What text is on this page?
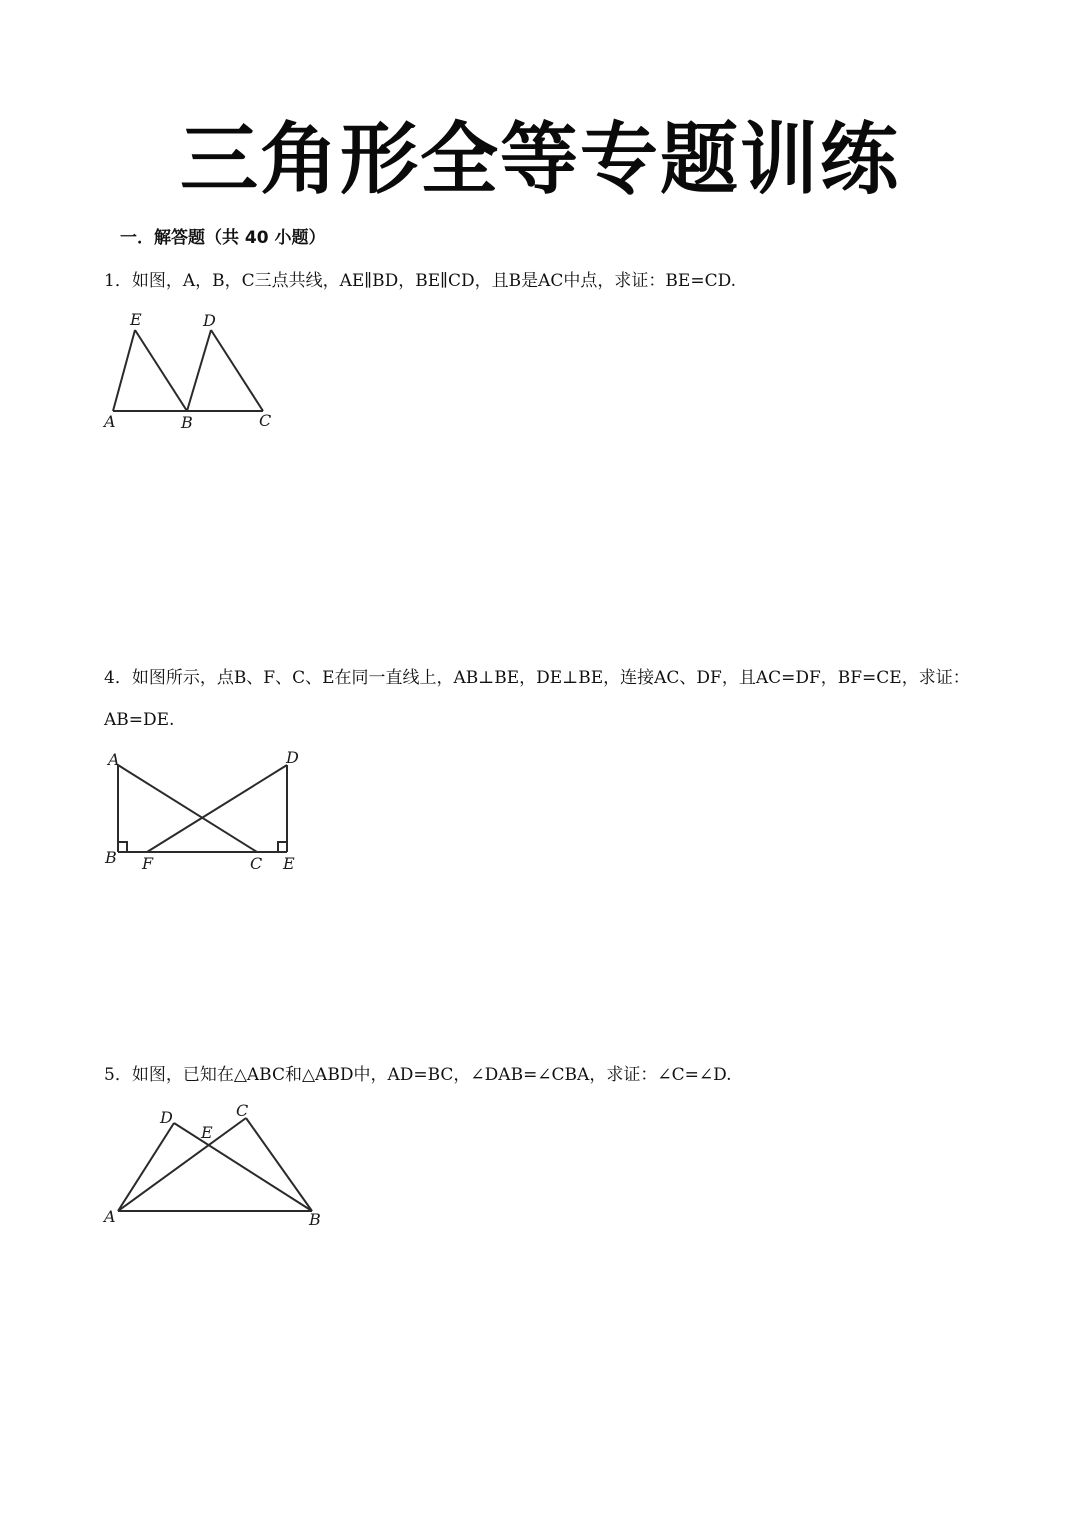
三角形全等专题训练
一．解答题（共 40 小题）
1．如图，A，B，C三点共线，AE∥BD，BE∥CD，且B是AC中点，求证：BE=CD.
E	D
A	B	C
4．如图所示，点B、F、C、E在同一直线上，AB⊥BE，DE⊥BE，连接AC、DF，且AC=DF，BF=CE，求证：
AB=DE.
A	D
B F	C E
5．如图，已知在△ABC和△ABD中，AD=BC，∠DAB=∠CBA，求证：∠C=∠D.
D
E
C
A	B
